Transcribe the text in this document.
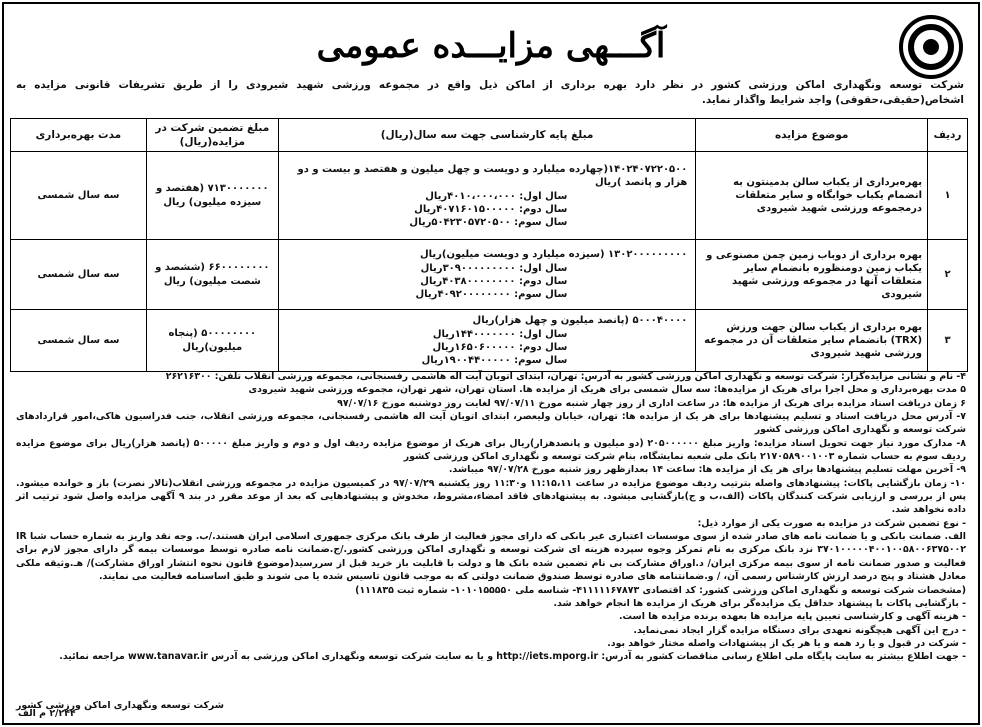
آگـــهی مزایـــده عمومی
شرکت توسعه ونگهداری اماکن ورزشی کشور در نظر دارد بهره برداری از اماکن ذیل واقع در مجموعه ورزشی شهید شیرودی را از طریق تشریفات قانونی مزایده به اشخاص(حقیقی،حقوقی) واجد شرایط واگذار نماید.
ردیف	موضوع مزایده	مبلغ پایه کارشناسی جهت سه سال(ریال)	مبلغ تضمین شرکت در مزایده(ریال)	مدت بهره‌برداری
۱	بهره‌برداری از یکباب سالن بدمینتون به انضمام یکباب خوابگاه و سایر متعلقات درمجموعه ورزشی شهید شیرودی	۱۴۰۲۴۰۷۲۲۰۵۰۰(چهارده میلیارد و دویست و چهل میلیون و هفتصد و بیست و دو هزار و پانصد )ریال
سال اول: ۴۰۱۰،۰۰۰،۰۰۰ریال
سال دوم: ۴۰۷۱۶۰۱۵۰۰۰۰۰ریال
سال سوم: ۵۰۴۲۳۰۵۷۲۰۵۰۰ریال	۷۱۳۰۰۰۰۰۰۰ (هفتصد و سیزده میلیون) ریال	سه سال شمسی
۲	بهره برداری از دوباب زمین چمن مصنوعی و یکباب زمین دومنظوره بانضمام سایر متعلقات آنها در مجموعه ورزشی شهید شیرودی	۱۳۰۲۰۰۰۰۰۰۰۰۰ (سیزده میلیارد و دویست میلیون)ریال
سال اول: ۳۰۹۰۰۰۰۰۰۰۰۰ریال
سال دوم: ۴۰۳۸۰۰۰۰۰۰۰۰ریال
سال سوم: ۴۰۹۲۰۰۰۰۰۰۰۰ریال	۶۶۰۰۰۰۰۰۰۰ (ششصد و شصت میلیون) ریال	سه سال شمسی
۳	بهره برداری از یکباب سالن جهت ورزش (TRX) بانضمام سایر متعلقات آن در مجموعه ورزشی شهید شیرودی	۵۰۰۰۴۰۰۰۰ (پانصد میلیون و چهل هزار)ریال
سال اول: ۱۴۴۰۰۰۰۰۰۰ریال
سال دوم: ۱۶۵۰۶۰۰۰۰۰ریال
سال سوم: ۱۹۰۰۴۴۰۰۰۰۰ریال	۵۰۰۰۰۰۰۰۰ (پنجاه میلیون)ریال	سه سال شمسی
۴- نام و نشانی مزایده‌گزار: شرکت توسعه و نگهداری اماکن ورزشی کشور به آدرس: تهران، ابتدای اتوبان آیت اله هاشمی رفسنجانی، مجموعه ورزشی انقلاب تلفن: ۲۶۲۱۶۳۰۰
۵ مدت بهره‌برداری و محل اجرا برای هریک از مزایده‌ها: سه سال شمسی برای هریک از مزایده ها. استان تهران، شهر تهران، مجموعه ورزشی شهید شیرودی
۶ زمان دریافت اسناد مزایده برای هریک از مزایده ها: در ساعت اداری از روز چهار شنبه مورخ ۹۷/۰۷/۱۱ لغایت روز دوشنبه مورخ ۹۷/۰۷/۱۶
۷- آدرس محل دریافت اسناد و تسلیم پیشنهادها برای هر یک از مزایده ها: تهران، خیابان ولیعصر، ابتدای اتوبان آیت اله هاشمی رفسنجانی، مجموعه ورزشی انقلاب، جنب فدراسیون هاکی،امور قراردادهای شرکت توسعه و نگهداری اماکن ورزشی کشور
۸- مدارک مورد نیاز جهت تحویل اسناد مزایده: واریز مبلغ ۲۰۵۰۰۰۰۰۰ (دو میلیون و پانصدهزار)ریال برای هریک از موضوع مزایده ردیف اول و دوم و واریز مبلغ ۵۰۰۰۰۰ (پانصد هزار)ریال برای موضوع مزایده ردیف سوم به حساب شماره ۲۱۷۰۵۸۹۰۰۱۰۰۳ بانک ملی شعبه نمایشگاه، بنام شرکت توسعه و نگهداری اماکن ورزشی کشور
۹- آخرین مهلت تسلیم پیشنهادها برای هر یک از مزایده ها: ساعت ۱۴ بعدازظهر روز شنبه مورخ ۹۷/۰۷/۲۸ میباشد.
۱۰- زمان بازگشایی پاکات: پیشنهادهای واصله بترتیب ردیف موضوع مزایده در ساعت ۱۱:۱۵،۱۱ و۱۱:۳۰ روز یکشنبه ۹۷/۰۷/۲۹ در کمیسیون مزایده در مجموعه ورزشی انقلاب(تالار نصرت) باز و خوانده میشود. پس از بررسی و ارزیابی شرکت کنندگان پاکات (الف،ب و ج)بازگشایی میشود. به پیشنهادهای فاقد امضاء،مشروط، مخدوش و پیشنهادهایی که بعد از موعد مقرر در بند ۹ آگهی مزایده واصل شود ترتیب اثر داده نخواهد شد.
- نوع تضمین شرکت در مزایده به صورت یکی از موارد ذیل:
الف. ضمانت بانکی و یا ضمانت نامه های صادر شده از سوی موسسات اعتباری غیر بانکی که دارای مجوز فعالیت از طرف بانک مرکزی جمهوری اسلامی ایران هستند./ب. وجه نقد واریز به شماره حساب شبا IR ۳۷۰۱۰۰۰۰۰۴۰۰۱۰۰۵۸۰۰۶۳۷۵۰۰۲ نزد بانک مرکزی به نام تمرکز وجوه سپرده هزینه ای شرکت توسعه و نگهداری اماکن ورزشی کشور./ج.ضمانت نامه صادره توسط موسسات بیمه گر دارای مجوز لازم برای فعالیت و صدور ضمانت نامه از سوی بیمه مرکزی ایران/ د.اوراق مشارکت بی نام تضمین شده بانک ها و دولت با قابلیت باز خرید قبل از سررسید(موضوع قانون نحوه انتشار اوراق مشارکت)/ هـ.وثیقه ملکی معادل هشتاد و پنج درصد ارزش کارشناس رسمی آن، / و.ضمانتنامه های صادره توسط صندوق ضمانت دولتی که به موجب قانون تاسیس شده یا می شوند و طبق اساسنامه فعالیت می نمایند.
(مشخصات شرکت توسعه و نگهداری اماکن ورزشی کشور: کد اقتصادی ۴۱۱۱۱۱۶۷۸۷۳- شناسه ملی ۱۰۱۰۱۵۵۵۵۰- شماره ثبت ۱۱۱۸۳۵)
- بازگشایی پاکات با پیشنهاد حداقل یک مزایده‌گر برای هریک از مزایده ها انجام خواهد شد.
- هزینه آگهی و کارشناسی تعیین پایه مزایده ها بعهده برنده مزایده ها است.
- درج این آگهی هیچگونه تعهدی برای دستگاه مزایده گزار ایجاد نمی‌نماید.
- شرکت در قبول و یا رد همه و یا هر یک از پیشنهادات واصله مختار خواهد بود.
- جهت اطلاع بیشتر به سایت پایگاه ملی اطلاع رسانی مناقصات کشور به آدرس: http://iets.mporg.ir و یا به سایت شرکت توسعه ونگهداری اماکن ورزشی به آدرس www.tanavar.ir مراجعه نمائید.
شرکت توسعه ونگهداری اماکن ورزشی کشور
۲/۲۴۴ م الف
